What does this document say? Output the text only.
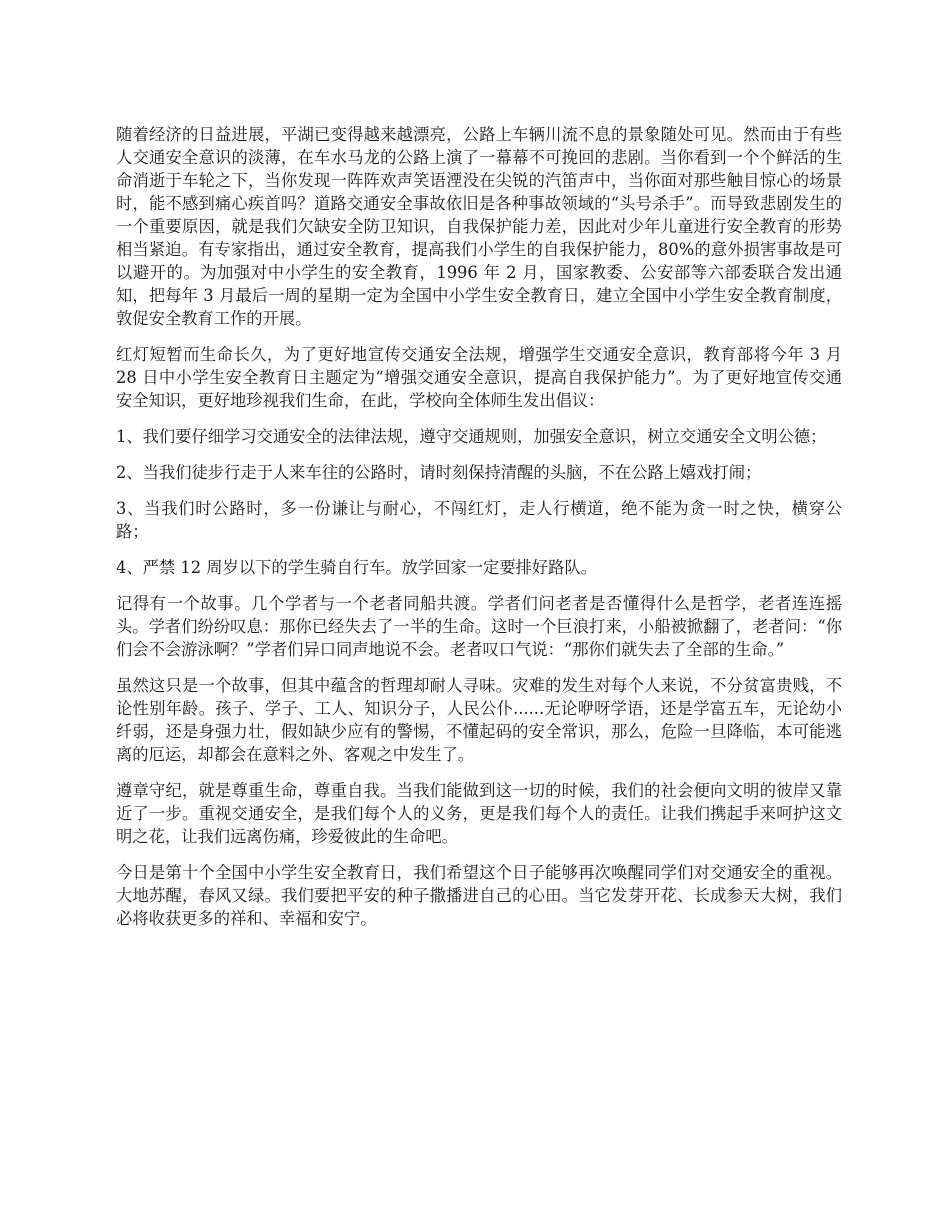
随着经济的日益进展，平湖已变得越来越漂亮，公路上车辆川流不息的景象随处可见。然而由于有些人交通安全意识的淡薄，在车水马龙的公路上演了一幕幕不可挽回的悲剧。当你看到一个个鲜活的生命消逝于车轮之下，当你发现一阵阵欢声笑语湮没在尖锐的汽笛声中，当你面对那些触目惊心的场景时，能不感到痛心疾首吗？道路交通安全事故依旧是各种事故领域的“头号杀手”。而导致悲剧发生的一个重要原因，就是我们欠缺安全防卫知识，自我保护能力差，因此对少年儿童进行安全教育的形势相当紧迫。有专家指出，通过安全教育，提高我们小学生的自我保护能力，80%的意外损害事故是可以避开的。为加强对中小学生的安全教育，1996 年 2 月，国家教委、公安部等六部委联合发出通知，把每年 3 月最后一周的星期一定为全国中小学生安全教育日，建立全国中小学生安全教育制度，敦促安全教育工作的开展。

红灯短暂而生命长久，为了更好地宣传交通安全法规，增强学生交通安全意识，教育部将今年 3 月 28 日中小学生安全教育日主题定为“增强交通安全意识，提高自我保护能力”。为了更好地宣传交通安全知识，更好地珍视我们生命，在此，学校向全体师生发出倡议：

1、我们要仔细学习交通安全的法律法规，遵守交通规则，加强安全意识，树立交通安全文明公德；

2、当我们徒步行走于人来车往的公路时，请时刻保持清醒的头脑，不在公路上嬉戏打闹；

3、当我们时公路时，多一份谦让与耐心，不闯红灯，走人行横道，绝不能为贪一时之快，横穿公路；

4、严禁 12 周岁以下的学生骑自行车。放学回家一定要排好路队。

记得有一个故事。几个学者与一个老者同船共渡。学者们问老者是否懂得什么是哲学，老者连连摇头。学者们纷纷叹息：那你已经失去了一半的生命。这时一个巨浪打来，小船被掀翻了，老者问：“你们会不会游泳啊？”学者们异口同声地说不会。老者叹口气说：“那你们就失去了全部的生命。”

虽然这只是一个故事，但其中蕴含的哲理却耐人寻味。灾难的发生对每个人来说，不分贫富贵贱，不论性别年龄。孩子、学子、工人、知识分子，人民公仆......无论咿呀学语，还是学富五车，无论幼小纤弱，还是身强力壮，假如缺少应有的警惕，不懂起码的安全常识，那么，危险一旦降临，本可能逃离的厄运，却都会在意料之外、客观之中发生了。

遵章守纪，就是尊重生命，尊重自我。当我们能做到这一切的时候，我们的社会便向文明的彼岸又靠近了一步。重视交通安全，是我们每个人的义务，更是我们每个人的责任。让我们携起手来呵护这文明之花，让我们远离伤痛，珍爱彼此的生命吧。

今日是第十个全国中小学生安全教育日，我们希望这个日子能够再次唤醒同学们对交通安全的重视。大地苏醒，春风又绿。我们要把平安的种子撒播进自己的心田。当它发芽开花、长成参天大树，我们必将收获更多的祥和、幸福和安宁。
